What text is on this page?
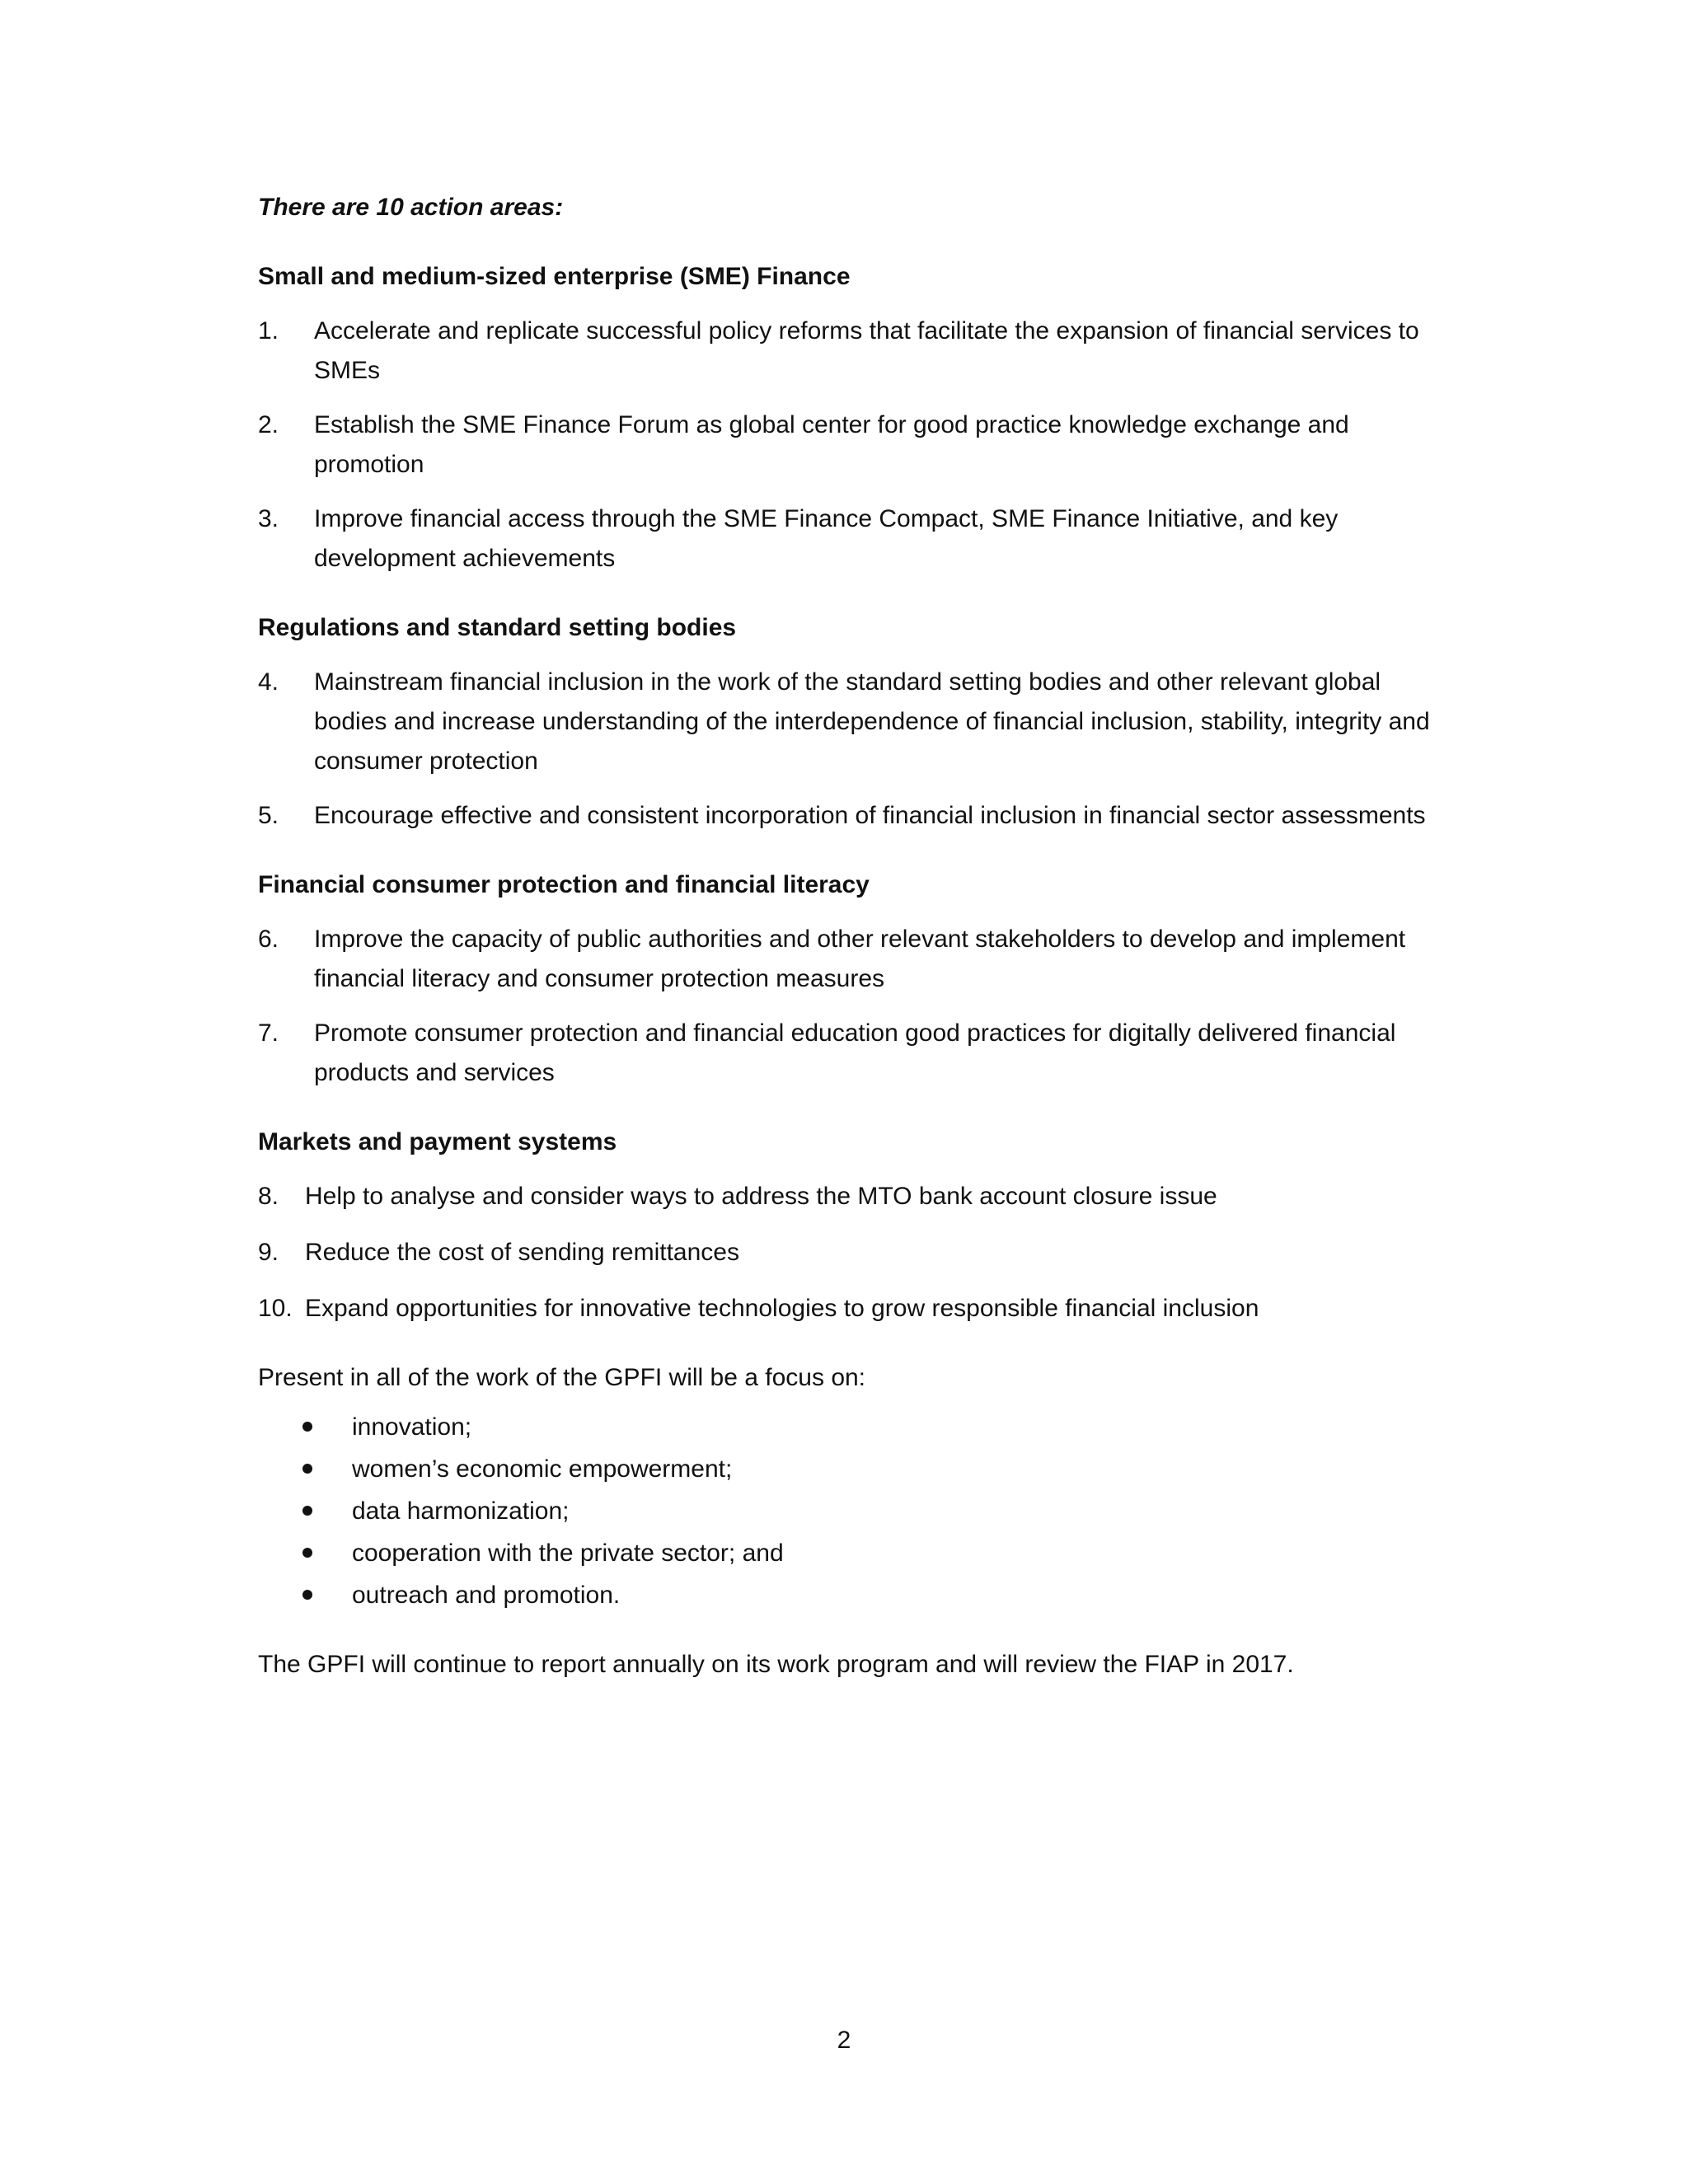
There are 10 action areas:

Small and medium-sized enterprise (SME) Finance

1. Accelerate and replicate successful policy reforms that facilitate the expansion of financial services to SMEs
2. Establish the SME Finance Forum as global center for good practice knowledge exchange and promotion
3. Improve financial access through the SME Finance Compact, SME Finance Initiative, and key development achievements

Regulations and standard setting bodies

4. Mainstream financial inclusion in the work of the standard setting bodies and other relevant global bodies and increase understanding of the interdependence of financial inclusion, stability, integrity and consumer protection
5. Encourage effective and consistent incorporation of financial inclusion in financial sector assessments

Financial consumer protection and financial literacy

6. Improve the capacity of public authorities and other relevant stakeholders to develop and implement financial literacy and consumer protection measures
7. Promote consumer protection and financial education good practices for digitally delivered financial products and services

Markets and payment systems

8. Help to analyse and consider ways to address the MTO bank account closure issue
9. Reduce the cost of sending remittances
10. Expand opportunities for innovative technologies to grow responsible financial inclusion

Present in all of the work of the GPFI will be a focus on:

innovation;
women’s economic empowerment;
data harmonization;
cooperation with the private sector; and
outreach and promotion.

The GPFI will continue to report annually on its work program and will review the FIAP in 2017.

2
